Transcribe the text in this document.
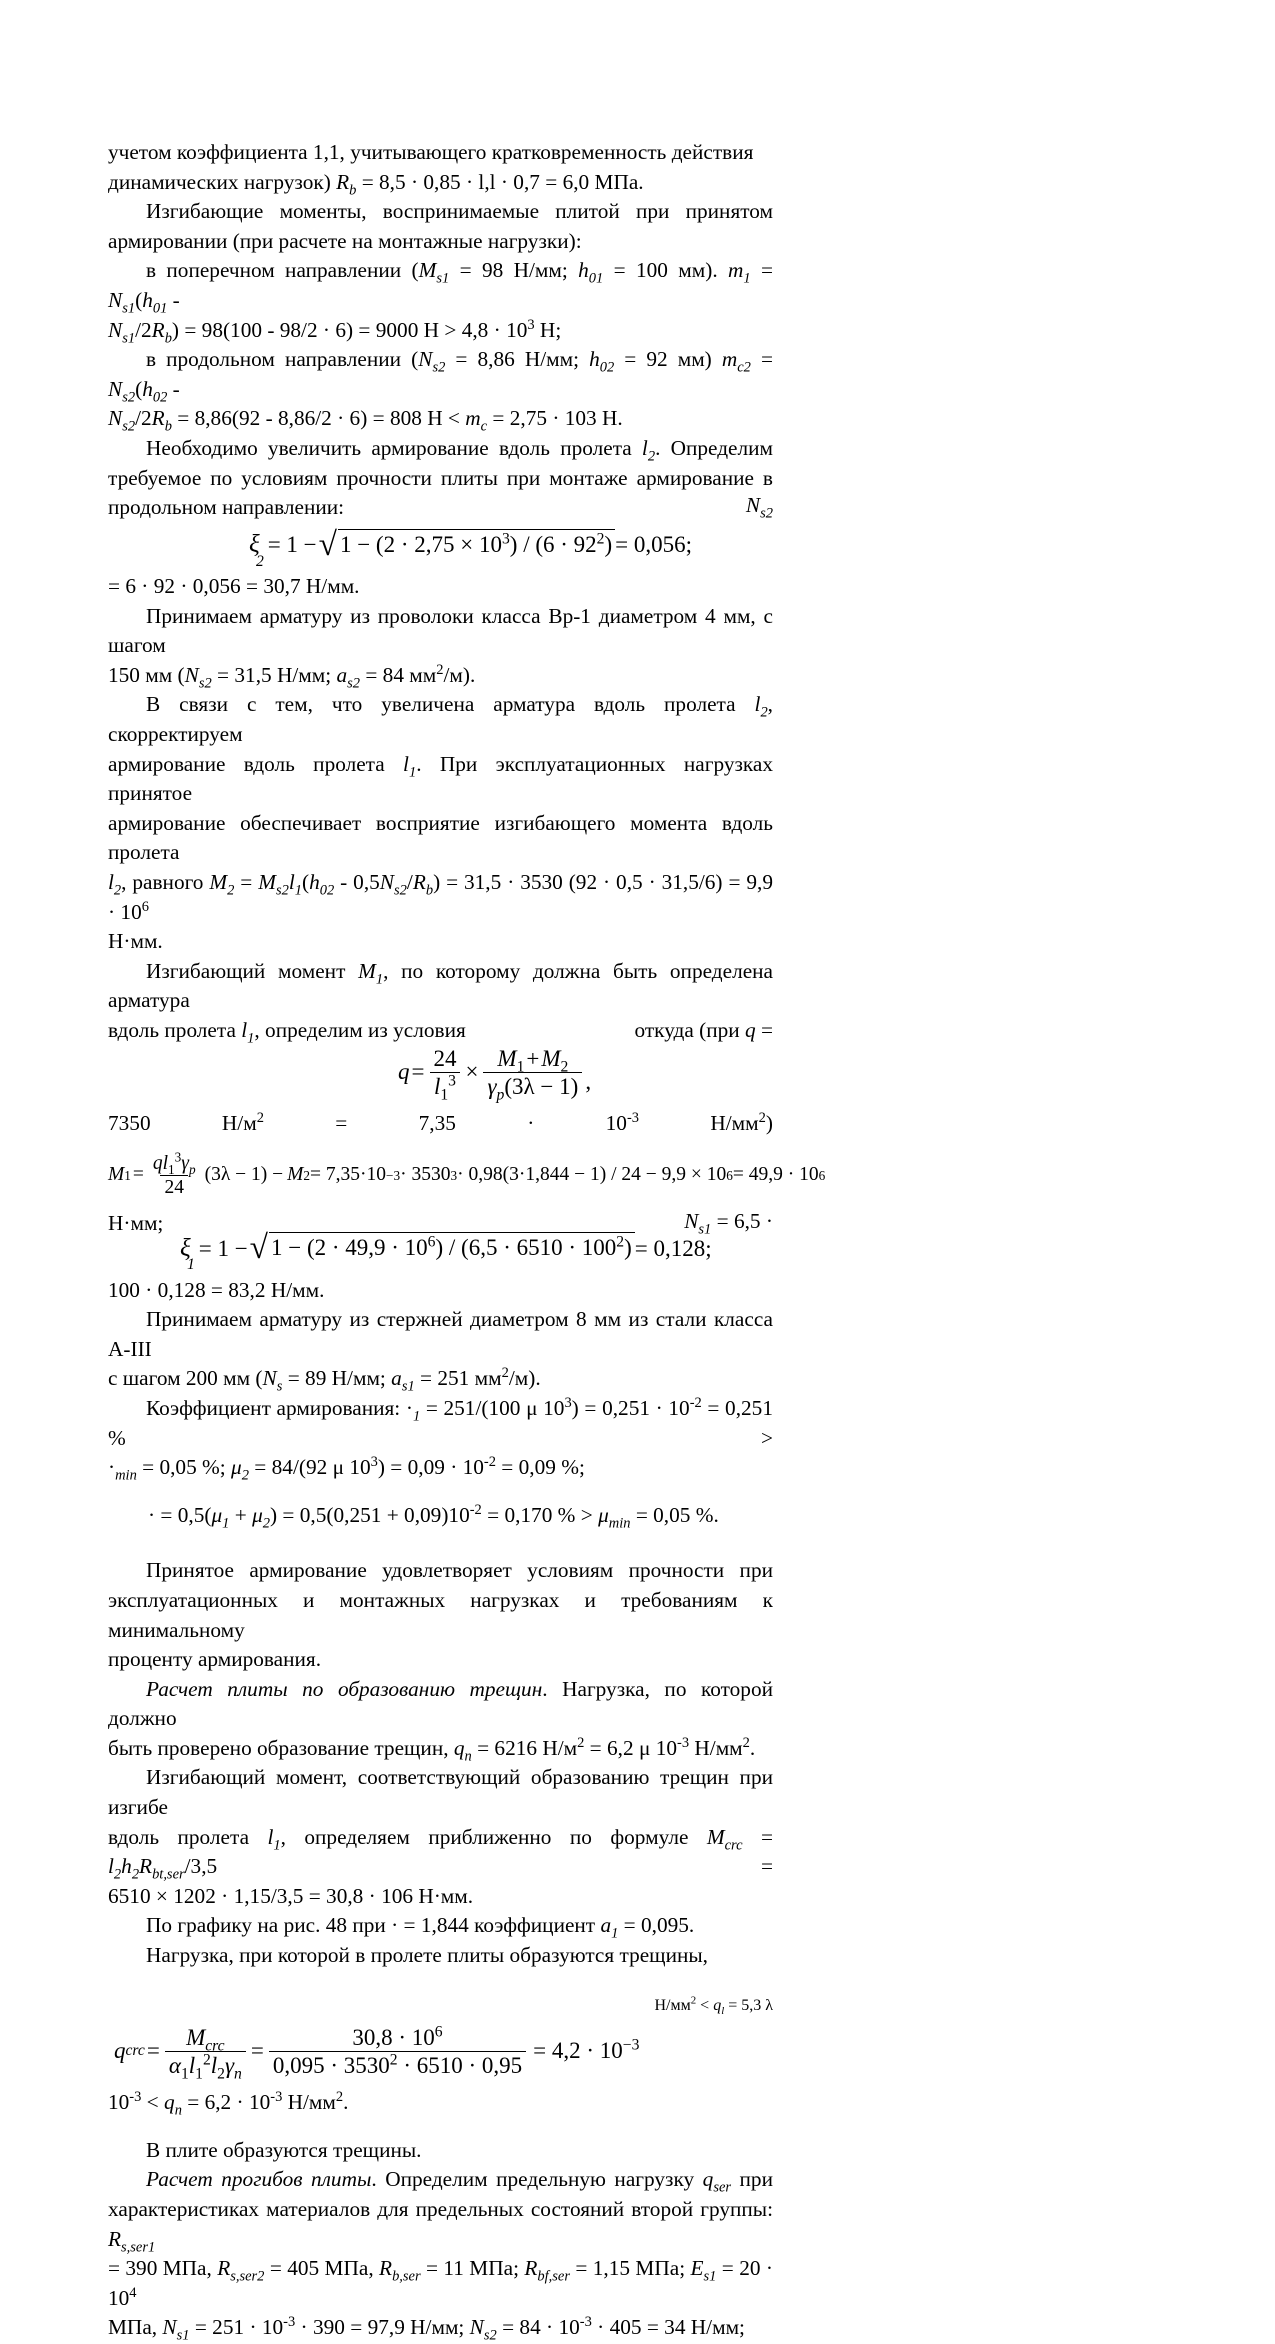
учетом коэффициента 1,1, учитывающего кратковременность действия
динамических нагрузок) $R_b = 8,5 \cdot 0,85 \cdot l,l \cdot 0,7 = 6,0$ МПа.

Изгибающие моменты, воспринимаемые плитой при принятом
армировании (при расчете на монтажные нагрузки):

в поперечном направлении ($M_{s1} = 98$ Н/мм; $h_{01} = 100$ мм). $m_1 = N_{s1}(h_{01}$ -
$N_{s1}/2R_b) = 98(100 - 98/2 \cdot 6) = 9000$ $Н > 4,8 \cdot 10^3$ Н;

в продольном направлении ($N_{s2} = 8,86$ Н/мм; $h_{02} = 92$ мм) $m_{c2} = N_{s2}(h_{02}$ -
$N_{s2}/2R_b = 8,86(92 - 8,86/2 \cdot 6) = 808$ $Н < m_c = 2,75 \cdot 103$ Н.

Необходимо увеличить армирование вдоль пролета $l_2$. Определим
требуемое по условиям прочности плиты при монтаже армирование в
продольном направлении:	$N_{s2}$
ξ
2
= 1 − √ $1 - (2 \cdot 2,75 \times 10^3) / (6 \cdot 92^2) = 0,056$;

= 6 · 92 · 0,056 = 30,7 Н/мм.

Принимаем арматуру из проволоки класса Вр-1 диаметром 4 мм, с шагом
150 мм ($N_{s2} = 31,5$ Н/мм; $a_{s2} = 84$ $мм^2/м$).

В связи с тем, что увеличена арматура вдоль пролета $l_2$, скорректируем
армирование вдоль пролета $l_1$. При эксплуатационных нагрузках принятое
армирование обеспечивает восприятие изгибающего момента вдоль пролета
$l_2$, равного $M_2 = M_{s2}l_1(h_{02} - 0,5N_{s2}/R_b) = 31,5 \cdot 3530$ $(92 \cdot 0,5 \cdot 31,5/6) = 9,9 \cdot 10^6$
Н·мм.

Изгибающий момент $M_1$, по которому должна быть определена арматура
вдоль пролета $l_1$, определим из условия	откуда (при q =

$q = \frac{24}{l_1^3} \times \frac{M_1+M_2}{\gamma_p(3\lambda - 1)}$ ,
7350	$Н/м^2$	=	7,35	·	$10^{-3}$	$Н/мм^2$)
M $1 = \frac{ql_1^3\gamma_p}{24} (3\lambda - 1) - M$ 2 = 7,35·10 −3 · 3530 3 · 0,98(3·1,844 − 1) / 24 − 9,9 × 10 6 = 49,9 · 10 6

Н·мм;	$N_{s1} = 6,5$ ·
ξ
1
= 1 − √ $1 - (2 \cdot 49,9 \cdot 10^6) / (6,5 \cdot 6510 \cdot 100^2) = 0,128$;

100 · 0,128 = 83,2 Н/мм.

Принимаем арматуру из стержней диаметром 8 мм из стали класса А-III
с шагом 200 мм ($N_s = 89$ Н/мм; $a_{s1} = 251$ $мм^2/м$).

Коэффициент армирования: $\cdot_1 = 251/(100$ μ $10^3) = 0,251 \cdot 10^{-2} = 0,251$ % >
$\cdot_{min} = 0,05$ %; $\mu_2 = 84/(92$ μ $10^3) = 0,09 \cdot 10^{-2} = 0,09$ %;

· = $0,5(\mu_1 + \mu_2) = 0,5(0,251 + 0,09)10^{-2} = 0,170$ % > $\mu_{min} = 0,05$ %.

Принятое армирование удовлетворяет условиям прочности при
эксплуатационных и монтажных нагрузках и требованиям к минимальному
проценту армирования.

Расчет плиты по образованию трещин. Нагрузка, по которой должно
быть проверено образование трещин, $q_n = 6216$ $Н/м^2 = 6,2$ μ $10^{-3}$ $Н/мм^2$.

Изгибающий момент, соответствующий образованию трещин при изгибе
вдоль пролета $l_1$, определяем приближенно по формуле $M_{crc} = l_2h_2R_{bt,ser}/3,5$ =
6510 × 1202 · 1,15/3,5 = 30,8 · 106 Н·мм.

По графику на рис. 48 при · = 1,844 коэффициент $a_1 = 0,095$.

Нагрузка, при которой в пролете плиты образуются трещины,

$Н/мм^2 < q_l = 5,3$ λ
q crc = $\frac{M_{crc}}{\alpha_1l_1^2l_2\gamma_n} = \frac{30,8 \cdot 10^6}{0,095 \cdot 3530^2 \cdot 6510 \cdot 0,95} = 4,2 \cdot 10^{-3}$

$10^{-3} < q_n = 6,2 \cdot 10^{-3}$ $Н/мм^2$.

В плите образуются трещины.

Расчет прогибов плиты. Определим предельную нагрузку $q_{ser}$ при
характеристиках материалов для предельных состояний второй группы: $R_{s,ser1}$
= 390 МПа, $R_{s,ser2} = 405$ МПа, $R_{b,ser} = 11$ МПа; $R_{bf,ser} = 1,15$ МПа; $E_{s1} = 20 \cdot 10^4$
МПа, $N_{s1} = 251 \cdot 10^{-3} \cdot 390 = 97,9$ Н/мм; $N_{s2} = 84 \cdot 10^{-3} \cdot 405 = 34$ Н/мм;
